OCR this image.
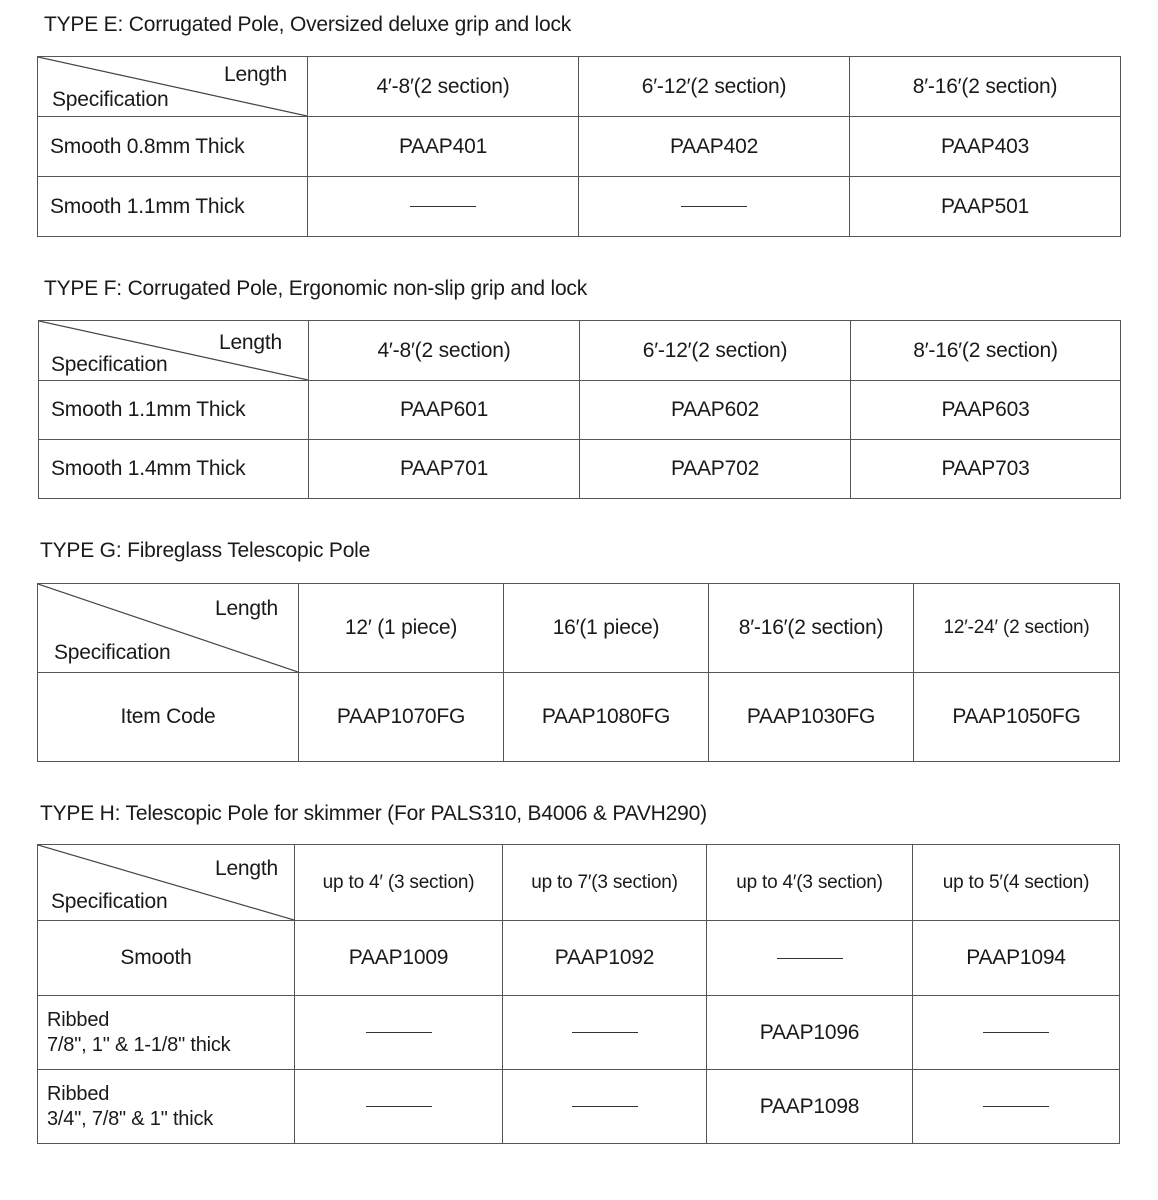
TYPE E: Corrugated Pole, Oversized deluxe grip and lock
Length
Specification	4′-8′(2 section)	6′-12′(2 section)	8′-16′(2 section)
Smooth 0.8mm Thick	PAAP401	PAAP402	PAAP403
Smooth 1.1mm Thick			PAAP501
TYPE F: Corrugated Pole, Ergonomic non-slip grip and lock
Length
Specification	4′-8′(2 section)	6′-12′(2 section)	8′-16′(2 section)
Smooth 1.1mm Thick	PAAP601	PAAP602	PAAP603
Smooth 1.4mm Thick	PAAP701	PAAP702	PAAP703
TYPE G: Fibreglass Telescopic Pole
Length
Specification	12′ (1 piece)	16′(1 piece)	8′-16′(2 section)	12′-24′ (2 section)
Item Code	PAAP1070FG	PAAP1080FG	PAAP1030FG	PAAP1050FG
TYPE H: Telescopic Pole for skimmer (For PALS310, B4006 & PAVH290)
Length
Specification	up to 4′ (3 section)	up to 7′(3 section)	up to 4′(3 section)	up to 5′(4 section)
Smooth	PAAP1009	PAAP1092		PAAP1094

Ribbed
7/8", 1" & 1-1/8" thick			PAAP1096	

Ribbed
3/4", 7/8" & 1" thick			PAAP1098	
